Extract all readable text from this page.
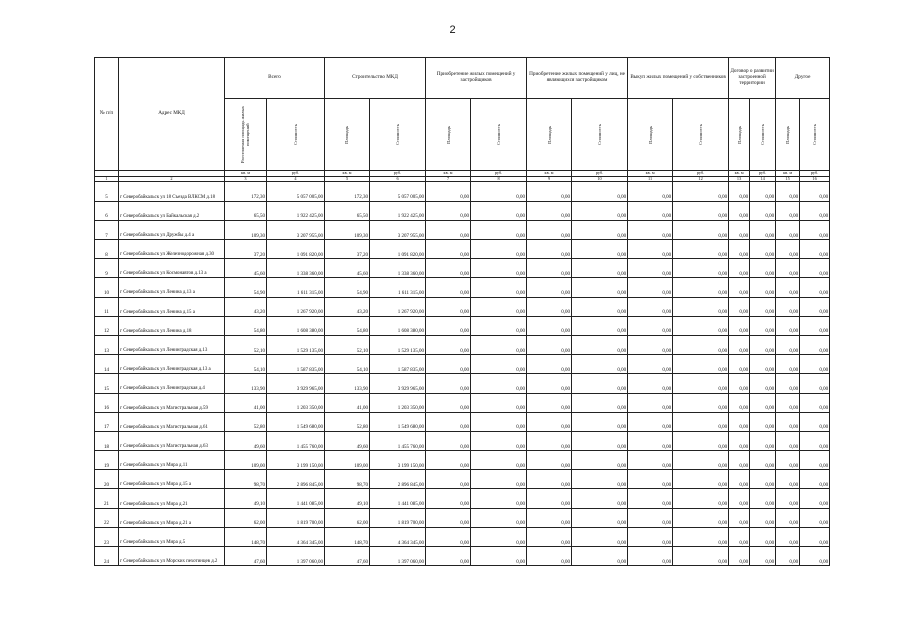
2
№ п/п	Адрес МКД	Всего		Строительство МКД		Приобретение жилых помещений у застройщиков		Приобретение жилых помещений у лиц, не являющихся застройщиком		Выкуп жилых помещений у собственников		Договор о развитии застроенной территории		Другое	

		Расселяемая площадь жилых помещений	Стоимость	Площадь	Стоимость	Площадь	Стоимость	Площадь	Стоимость	Площадь	Стоимость	Площадь	Стоимость	Площадь	Стоимость

		кв. м	руб.	кв. м	руб.	кв. м	руб.	кв. м	руб.	кв. м	руб.	кв. м	руб.	кв. м	руб.
1	2	3	4	5	6	7	8	9	10	11	12	13	14	15	16
5	г Северобайкальск ул 18 Съезда ВЛКСМ д.18	172,30	5 057 005,00	172,30	5 057 005,00	0,00	0,00	0,00	0,00	0,00	0,00	0,00	0,00	0,00	0,00
6	г Северобайкальск ул Байкальская д.2	65,50	1 922 425,00	65,50	1 922 425,00	0,00	0,00	0,00	0,00	0,00	0,00	0,00	0,00	0,00	0,00
7	г Северобайкальск ул Дружбы д.4 а	109,30	3 207 955,00	109,30	3 207 955,00	0,00	0,00	0,00	0,00	0,00	0,00	0,00	0,00	0,00	0,00
8	г Северобайкальск ул Железнодорожная д.30	37,20	1 091 820,00	37,20	1 091 820,00	0,00	0,00	0,00	0,00	0,00	0,00	0,00	0,00	0,00	0,00
9	г Северобайкальск ул Космонавтов д.13 а	45,60	1 338 360,00	45,60	1 338 360,00	0,00	0,00	0,00	0,00	0,00	0,00	0,00	0,00	0,00	0,00
10	г Северобайкальск ул Ленина д.13 а	54,90	1 611 315,00	54,90	1 611 315,00	0,00	0,00	0,00	0,00	0,00	0,00	0,00	0,00	0,00	0,00
11	г Северобайкальск ул Ленина д.15 а	43,20	1 267 920,00	43,20	1 267 920,00	0,00	0,00	0,00	0,00	0,00	0,00	0,00	0,00	0,00	0,00
12	г Северобайкальск ул Ленина д.18	54,80	1 608 380,00	54,80	1 608 380,00	0,00	0,00	0,00	0,00	0,00	0,00	0,00	0,00	0,00	0,00
13	г Северобайкальск ул Ленинградская д.13	52,10	1 529 135,00	52,10	1 529 135,00	0,00	0,00	0,00	0,00	0,00	0,00	0,00	0,00	0,00	0,00
14	г Северобайкальск ул Ленинградская д.13 а	54,10	1 587 835,00	54,10	1 587 835,00	0,00	0,00	0,00	0,00	0,00	0,00	0,00	0,00	0,00	0,00
15	г Северобайкальск ул Ленинградская д.4	133,90	3 929 965,00	133,90	3 929 965,00	0,00	0,00	0,00	0,00	0,00	0,00	0,00	0,00	0,00	0,00
16	г Северобайкальск ул Магистральная д.59	41,00	1 203 350,00	41,00	1 203 350,00	0,00	0,00	0,00	0,00	0,00	0,00	0,00	0,00	0,00	0,00
17	г Северобайкальск ул Магистральная д.61	52,80	1 549 680,00	52,80	1 549 680,00	0,00	0,00	0,00	0,00	0,00	0,00	0,00	0,00	0,00	0,00
18	г Северобайкальск ул Магистральная д.63	49,60	1 455 760,00	49,60	1 455 760,00	0,00	0,00	0,00	0,00	0,00	0,00	0,00	0,00	0,00	0,00
19	г Северобайкальск ул Мира д.11	109,00	3 199 150,00	109,00	3 199 150,00	0,00	0,00	0,00	0,00	0,00	0,00	0,00	0,00	0,00	0,00
20	г Северобайкальск ул Мира д.15 а	98,70	2 896 845,00	98,70	2 896 845,00	0,00	0,00	0,00	0,00	0,00	0,00	0,00	0,00	0,00	0,00
21	г Северобайкальск ул Мира д.21	49,10	1 441 085,00	49,10	1 441 085,00	0,00	0,00	0,00	0,00	0,00	0,00	0,00	0,00	0,00	0,00
22	г Северобайкальск ул Мира д.21 а	62,00	1 819 700,00	62,00	1 819 700,00	0,00	0,00	0,00	0,00	0,00	0,00	0,00	0,00	0,00	0,00
23	г Северобайкальск ул Мира д.5	148,70	4 364 345,00	148,70	4 364 345,00	0,00	0,00	0,00	0,00	0,00	0,00	0,00	0,00	0,00	0,00
24	г Северобайкальск ул Морских пехотинцев д.2	47,60	1 397 060,00	47,60	1 397 060,00	0,00	0,00	0,00	0,00	0,00	0,00	0,00	0,00	0,00	0,00
